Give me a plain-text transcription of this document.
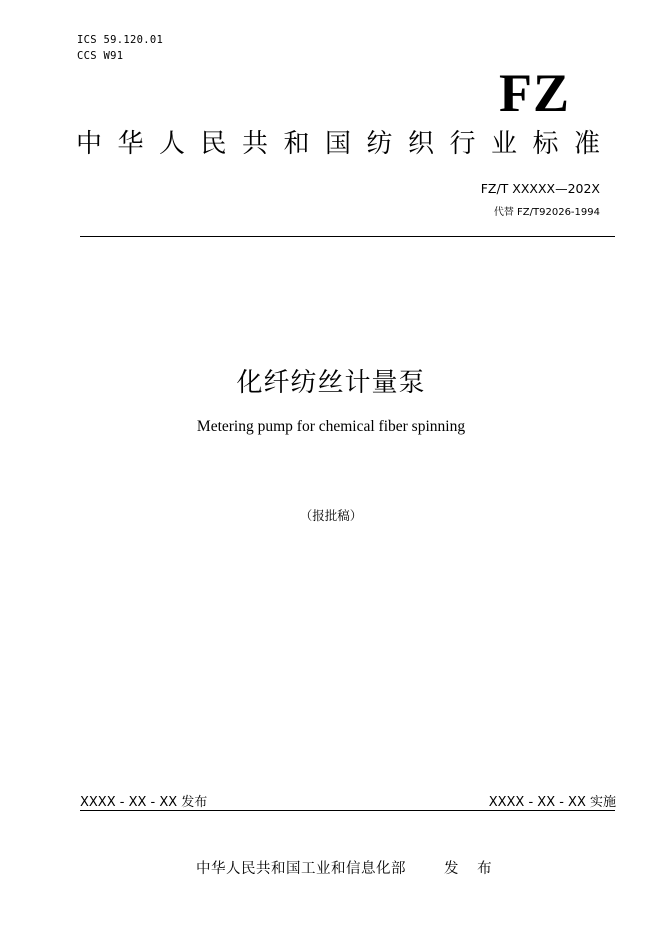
ICS 59.120.01
CCS W91
FZ
中华人民共和国纺织行业标准
FZ/T XXXXX—202X
代替 FZ/T92026-1994
化纤纺丝计量泵
Metering pump for chemical fiber spinning
（报批稿）
XXXX - XX - XX 发布	XXXX - XX - XX 实施
中华人民共和国工业和信息化部	发 布
